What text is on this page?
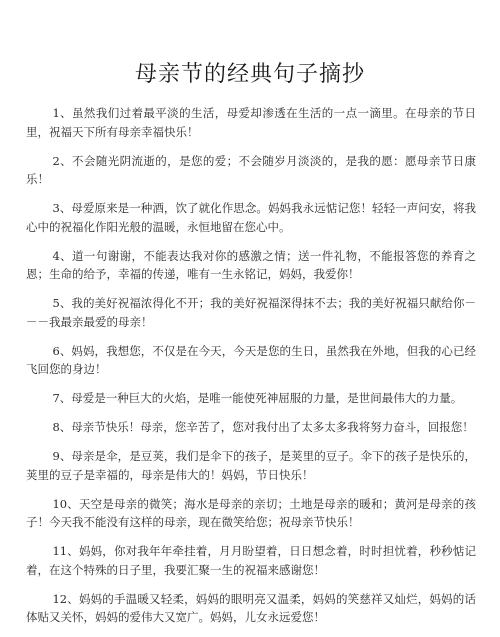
母亲节的经典句子摘抄

1、虽然我们过着最平淡的生活，母爱却渗透在生活的一点一滴里。在母亲的节日里，祝福天下所有母亲幸福快乐！

2、不会随光阴流逝的，是您的爱；不会随岁月淡淡的，是我的愿：愿母亲节日康乐！

3、母爱原来是一种酒，饮了就化作思念。妈妈我永远惦记您！轻轻一声问安，将我心中的祝福化作阳光般的温暖，永恒地留在您心中。

4、道一句谢谢，不能表达我对你的感激之情；送一件礼物，不能报答您的养育之恩；生命的给予，幸福的传递，唯有一生永铭记，妈妈，我爱你！

5、我的美好祝福浓得化不开；我的美好祝福深得抹不去；我的美好祝福只献给你－－－我最亲最爱的母亲！

6、妈妈，我想您，不仅是在今天，今天是您的生日，虽然我在外地，但我的心已经飞回您的身边！

7、母爱是一种巨大的火焰，是唯一能使死神屈服的力量，是世间最伟大的力量。

8、母亲节快乐！母亲，您辛苦了，您对我付出了太多太多我将努力奋斗，回报您！

9、母亲是伞，是豆荚，我们是伞下的孩子，是荚里的豆子。伞下的孩子是快乐的，荚里的豆子是幸福的，母亲是伟大的！妈妈，节日快乐！

10、天空是母亲的微笑；海水是母亲的亲切；土地是母亲的暖和；黄河是母亲的孩子！今天我不能没有这样的母亲，现在微笑给您；祝母亲节快乐！

11、妈妈，你对我年年牵挂着，月月盼望着，日日想念着，时时担忧着，秒秒惦记着，在这个特殊的日子里，我要汇聚一生的祝福来感谢您！

12、妈妈的手温暖又轻柔，妈妈的眼明亮又温柔，妈妈的笑慈祥又灿烂，妈妈的话体贴又关怀，妈妈的爱伟大又宽广。妈妈，儿女永远爱您！
